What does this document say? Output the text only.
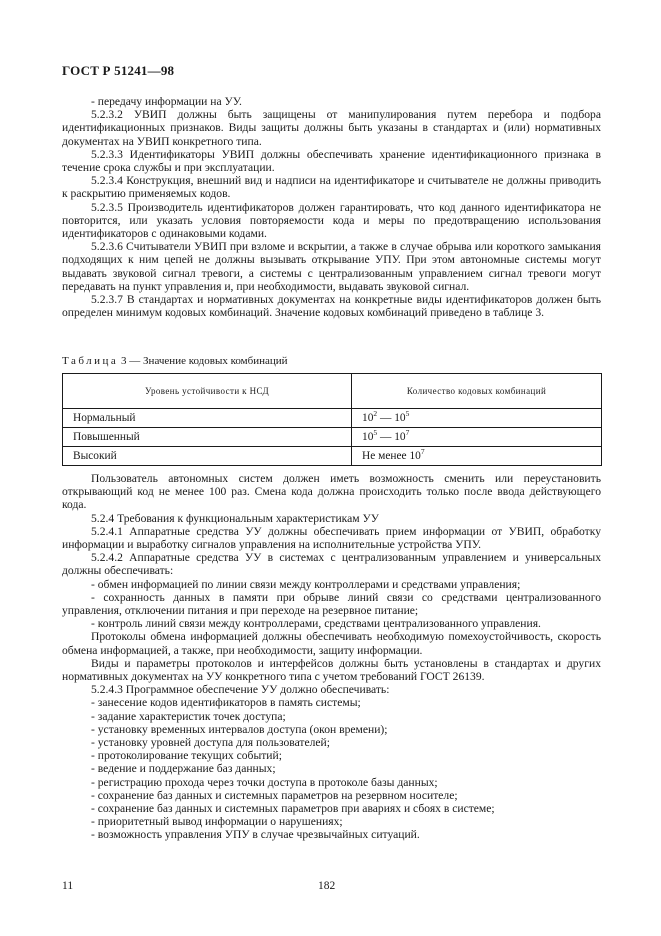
ГОСТ Р 51241—98

- передачу информации на УУ.

5.2.3.2 УВИП должны быть защищены от манипулирования путем перебора и подбора идентификационных признаков. Виды защиты должны быть указаны в стандартах и (или) нормативных документах на УВИП конкретного типа.

5.2.3.3 Идентификаторы УВИП должны обеспечивать хранение идентификационного признака в течение срока службы и при эксплуатации.

5.2.3.4 Конструкция, внешний вид и надписи на идентификаторе и считывателе не должны приводить к раскрытию применяемых кодов.

5.2.3.5 Производитель идентификаторов должен гарантировать, что код данного идентификатора не повторится, или указать условия повторяемости кода и меры по предотвращению использования идентификаторов с одинаковыми кодами.

5.2.3.6 Считыватели УВИП при взломе и вскрытии, а также в случае обрыва или короткого замыкания подходящих к ним цепей не должны вызывать открывание УПУ. При этом автономные системы могут выдавать звуковой сигнал тревоги, а системы с централизованным управлением сигнал тревоги могут передавать на пункт управления и, при необходимости, выдавать звуковой сигнал.

5.2.3.7 В стандартах и нормативных документах на конкретные виды идентификаторов должен быть определен минимум кодовых комбинаций. Значение кодовых комбинаций приведено в таблице 3.

Таблица 3 — Значение кодовых комбинаций
Уровень устойчивости к НСД	Количество кодовых комбинаций
Нормальный	$10^2$ — $10^5$
Повышенный	$10^5$ — $10^7$
Высокий	Не менее $10^7$

Пользователь автономных систем должен иметь возможность сменить или переустановить открывающий код не менее 100 раз. Смена кода должна происходить только после ввода действующего кода.

5.2.4 Требования к функциональным характеристикам УУ

5.2.4.1 Аппаратные средства УУ должны обеспечивать прием информации от УВИП, обработку информации и выработку сигналов управления на исполнительные устройства УПУ.

5.2.4.2 Аппаратные средства УУ в системах с централизованным управлением и универсальных должны обеспечивать:

- обмен информацией по линии связи между контроллерами и средствами управления;

- сохранность данных в памяти при обрыве линий связи со средствами централизованного управления, отключении питания и при переходе на резервное питание;

- контроль линий связи между контроллерами, средствами централизованного управления.

Протоколы обмена информацией должны обеспечивать необходимую помехоустойчивость, скорость обмена информацией, а также, при необходимости, защиту информации.

Виды и параметры протоколов и интерфейсов должны быть установлены в стандартах и других нормативных документах на УУ конкретного типа с учетом требований ГОСТ 26139.

5.2.4.3 Программное обеспечение УУ должно обеспечивать:

- занесение кодов идентификаторов в память системы;

- задание характеристик точек доступа;

- установку временных интервалов доступа (окон времени);

- установку уровней доступа для пользователей;

- протоколирование текущих событий;

- ведение и поддержание баз данных;

- регистрацию прохода через точки доступа в протоколе базы данных;

- сохранение баз данных и системных параметров на резервном носителе;

- сохранение баз данных и системных параметров при авариях и сбоях в системе;

- приоритетный вывод информации о нарушениях;

- возможность управления УПУ в случае чрезвычайных ситуаций.

11	182
